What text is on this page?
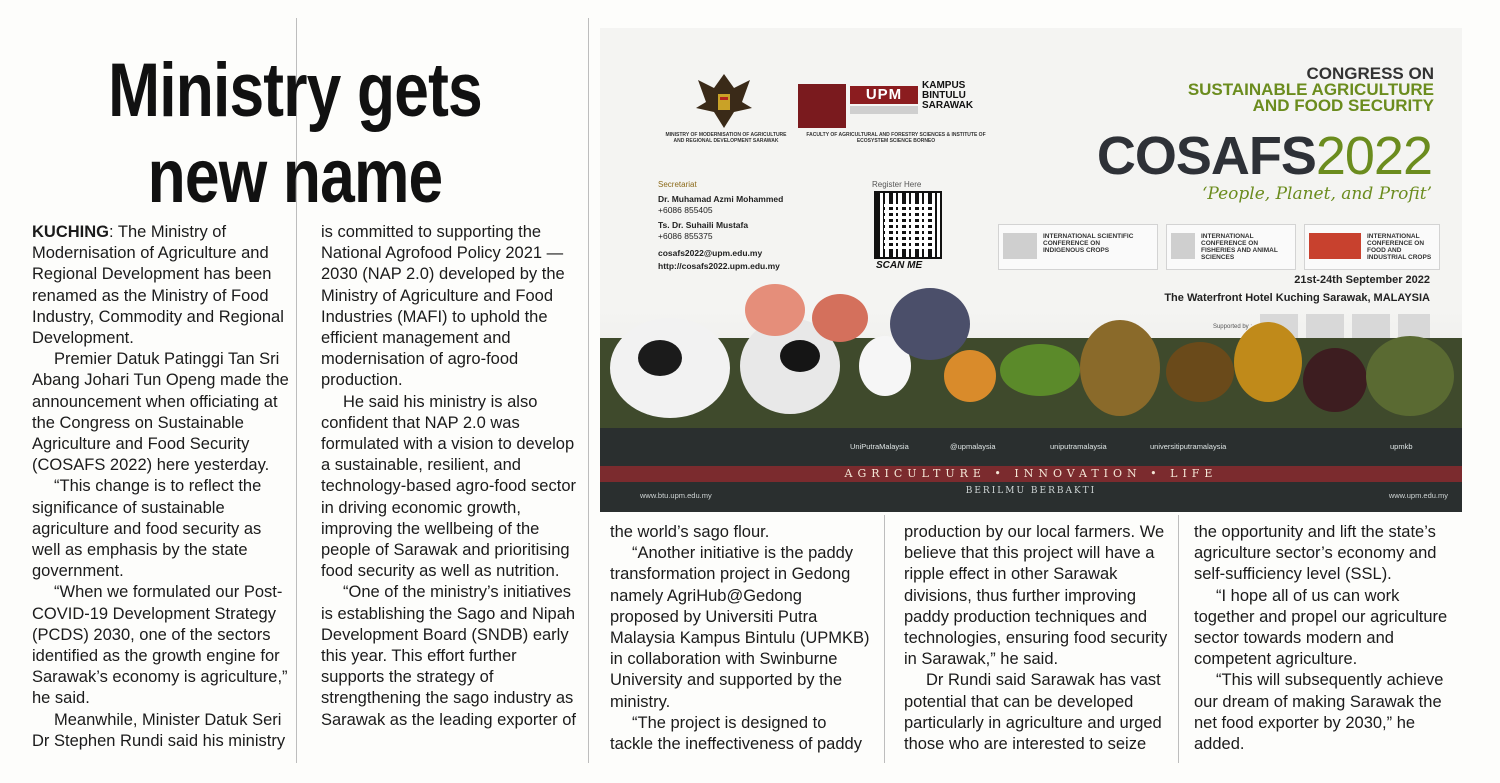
Ministry gets
new name

KUCHING: The Ministry of Modernisation of Agriculture and Regional Development has been renamed as the Ministry of Food Industry, Commodity and Regional Development.

Premier Datuk Patinggi Tan Sri Abang Johari Tun Openg made the announcement when officiating at the Congress on Sustainable Agriculture and Food Security (COSAFS 2022) here yesterday.

“This change is to reflect the significance of sustainable agriculture and food security as well as emphasis by the state government.

“When we formulated our Post-COVID-19 Development Strategy (PCDS) 2030, one of the sectors identified as the growth engine for Sarawak’s economy is agriculture,” he said.

Meanwhile, Minister Datuk Seri Dr Stephen Rundi said his ministry

is committed to supporting the National Agrofood Policy 2021 — 2030 (NAP 2.0) developed by the Ministry of Agriculture and Food Industries (MAFI) to uphold the efficient management and modernisation of agro-food production.

He said his ministry is also confident that NAP 2.0 was formulated with a vision to develop a sustainable, resilient, and technology-based agro-food sector in driving economic growth, improving the wellbeing of the people of Sarawak and prioritising food security as well as nutrition.

“One of the ministry’s initiatives is establishing the Sago and Nipah Development Board (SNDB) early this year. This effort further supports the strategy of strengthening the sago industry as Sarawak as the leading exporter of

the world’s sago flour.

“Another initiative is the paddy transformation project in Gedong namely AgriHub@Gedong proposed by Universiti Putra Malaysia Kampus Bintulu (UPMKB) in collaboration with Swinburne University and supported by the ministry.

“The project is designed to tackle the ineffectiveness of paddy

production by our local farmers. We believe that this project will have a ripple effect in other Sarawak divisions, thus further improving paddy production techniques and technologies, ensuring food security in Sarawak,” he said.

Dr Rundi said Sarawak has vast potential that can be developed particularly in agriculture and urged those who are interested to seize

the opportunity and lift the state’s agriculture sector’s economy and self-sufficiency level (SSL).

“I hope all of us can work together and propel our agriculture sector towards modern and competent agriculture.

“This will subsequently achieve our dream of making Sarawak the net food exporter by 2030,” he added.

MINISTRY OF MODERNISATION OF AGRICULTURE AND REGIONAL DEVELOPMENT SARAWAK
UPM
KAMPUS BINTULU SARAWAK
FACULTY OF AGRICULTURAL AND FORESTRY SCIENCES & INSTITUTE OF ECOSYSTEM SCIENCE BORNEO
Secretariat
Dr. Muhamad Azmi Mohammed
+6086 855405
Ts. Dr. Suhaili Mustafa
+6086 855375
cosafs2022@upm.edu.my
http://cosafs2022.upm.edu.my
Register Here
SCAN ME
CONGRESS ON
SUSTAINABLE AGRICULTURE
AND FOOD SECURITY
COSAFS2022
‘People, Planet, and Profit’
INTERNATIONAL SCIENTIFIC CONFERENCE ON INDIGENOUS CROPS
INTERNATIONAL CONFERENCE ON FISHERIES AND ANIMAL SCIENCES
INTERNATIONAL CONFERENCE ON FOOD AND INDUSTRIAL CROPS
21st-24th September 2022
The Waterfront Hotel Kuching Sarawak, MALAYSIA
Supported by :
UniPutraMalaysia	@upmalaysia	uniputramalaysia	universitiputramalaysia	upmkb
AGRICULTURE • INNOVATION • LIFE
www.btu.upm.edu.my	BERILMU BERBAKTI	www.upm.edu.my
